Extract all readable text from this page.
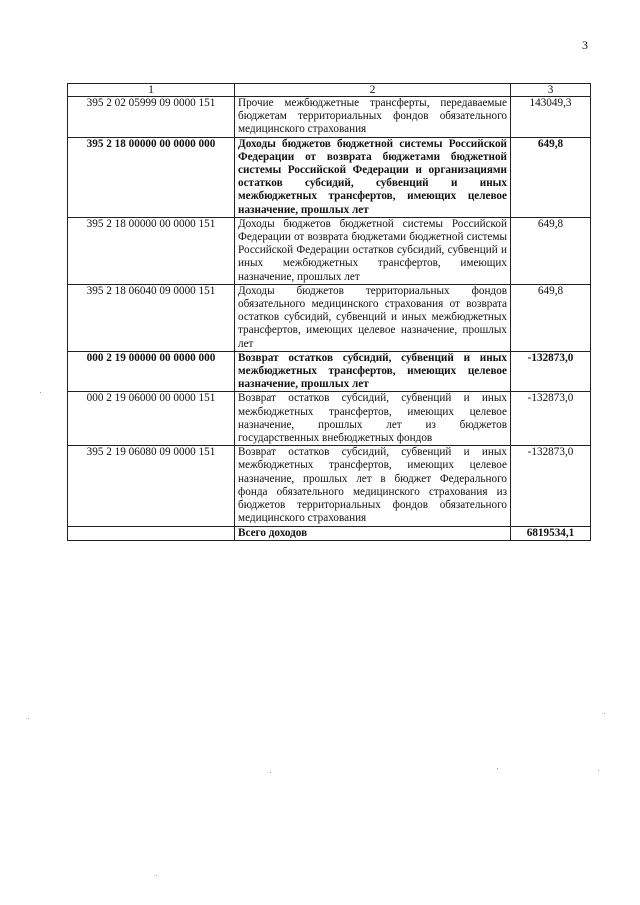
3
1	2	3
395 2 02 05999 09 0000 151	Прочие межбюджетные трансферты, передаваемые бюджетам территориальных фондов обязательного медицинского страхования	143049,3
395 2 18 00000 00 0000 000	Доходы бюджетов бюджетной системы Российской Федерации от возврата бюджетами бюджетной системы Российской Федерации и организациями остатков субсидий, субвенций и иных межбюджетных трансфертов, имеющих целевое назначение, прошлых лет	649,8
395 2 18 00000 00 0000 151	Доходы бюджетов бюджетной системы Российской Федерации от возврата бюджетами бюджетной системы Российской Федерации остатков субсидий, субвенций и иных межбюджетных трансфертов, имеющих назначение, прошлых лет	649,8
395 2 18 06040 09 0000 151	Доходы бюджетов территориальных фондов обязательного медицинского страхования от возврата остатков субсидий, субвенций и иных межбюджетных трансфертов, имеющих целевое назначение, прошлых лет	649,8
000 2 19 00000 00 0000 000	Возврат остатков субсидий, субвенций и иных межбюджетных трансфертов, имеющих целевое назначение, прошлых лет	-132873,0
000 2 19 06000 00 0000 151	Возврат остатков субсидий, субвенций и иных межбюджетных трансфертов, имеющих целевое назначение, прошлых лет из бюджетов государственных внебюджетных фондов	-132873,0
395 2 19 06080 09 0000 151	Возврат остатков субсидий, субвенций и иных межбюджетных трансфертов, имеющих целевое назначение, прошлых лет в бюджет Федерального фонда обязательного медицинского страхования из бюджетов территориальных фондов обязательного медицинского страхования	-132873,0
	Всего доходов	6819534,1
